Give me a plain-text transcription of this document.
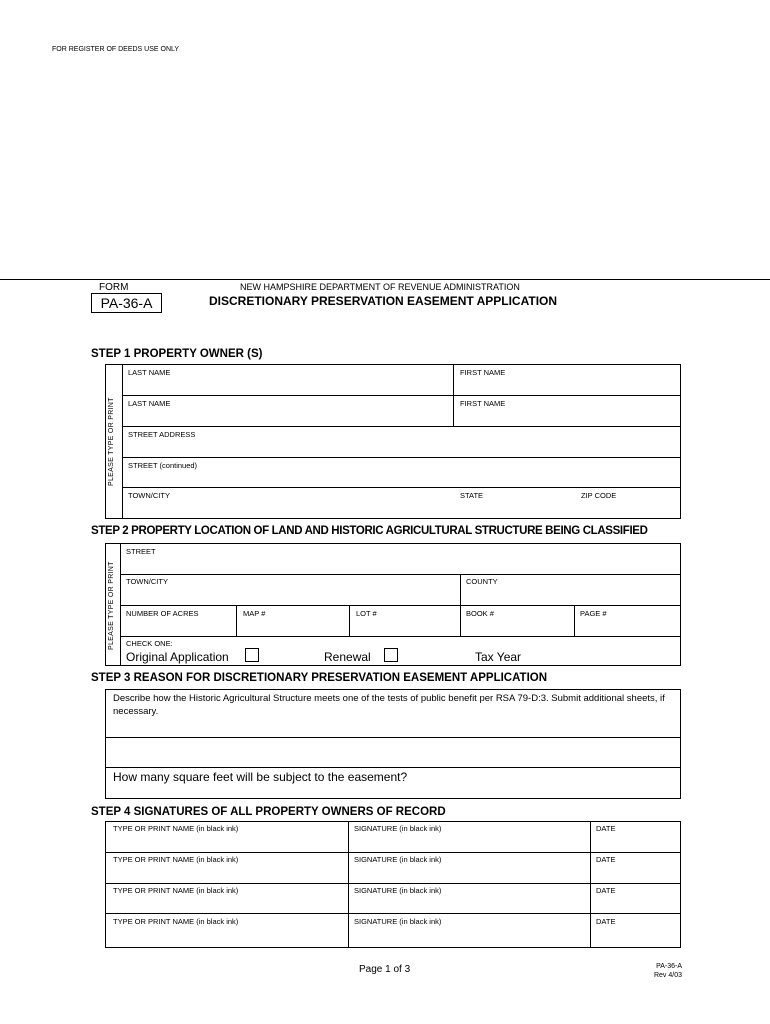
FOR REGISTER OF DEEDS USE ONLY
FORM
PA-36-A
NEW HAMPSHIRE DEPARTMENT OF REVENUE ADMINISTRATION
DISCRETIONARY PRESERVATION EASEMENT APPLICATION
STEP 1 PROPERTY OWNER (S)
PLEASE TYPE OR PRINT
LAST NAME	FIRST NAME
LAST NAME	FIRST NAME
STREET ADDRESS
STREET (continued)
TOWN/CITY	STATE	ZIP CODE
STEP 2 PROPERTY LOCATION OF LAND AND HISTORIC AGRICULTURAL STRUCTURE BEING CLASSIFIED
PLEASE TYPE OR PRINT
STREET
TOWN/CITY	COUNTY
NUMBER OF ACRES	MAP #	LOT #	BOOK #	PAGE #
CHECK ONE:
Original Application	Renewal	Tax Year
STEP 3 REASON FOR DISCRETIONARY PRESERVATION EASEMENT APPLICATION
Describe how the Historic Agricultural Structure meets one of the tests of public benefit per RSA 79-D:3. Submit additional sheets, if necessary.
How many square feet will be subject to the easement?
STEP 4 SIGNATURES OF ALL PROPERTY OWNERS OF RECORD
TYPE OR PRINT NAME (in black ink)	SIGNATURE (in black ink)	DATE
TYPE OR PRINT NAME (in black ink)	SIGNATURE (in black ink)	DATE
TYPE OR PRINT NAME (in black ink)	SIGNATURE (in black ink)	DATE
TYPE OR PRINT NAME (in black ink)	SIGNATURE (in black ink)	DATE
Page 1 of 3	PA-36-A
Rev 4/03
